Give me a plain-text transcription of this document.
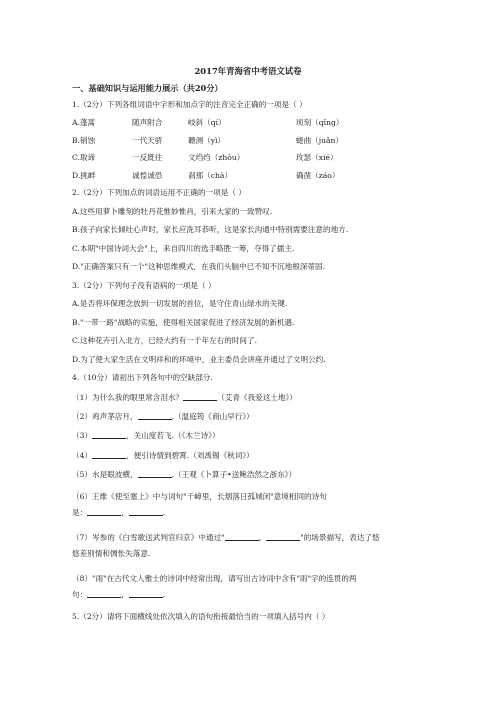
2017年青海省中考语文试卷
一、基础知识与运用能力展示（共20分）
1.（2分）下列各组词语中字形和加点字的注音完全正确的一项是（ ）
A.蓬蒿	随声附合	岐斜（qí）	顷刻（qǐng）
B.销蚀	一代天骄	聽测（yì）	蜷曲（juǎn）
C.取谛	一反既往	文绉绉（zhōu）	玫瑟（xié）
D.挑衅	诚惶诚恐	刹那（chà）	确凿（záo）
2.（2分）下列加点的词语运用不正确的一项是（ ）
A.这些用萝卜雕刻的牡丹花惟妙惟肖，引来大家的一致赞叹.
B.孩子向家长倾吐心声时，家长应洗耳恭听，这是家长沟通中特别需要注意的地方.
C.本期"中国诗词大会"上，来自四川的选手略胜一筹，夺得了擂主.
D."正确答案只有一个"这种思维模式，在我们头脑中已不知不沉地根深蒂固.
3.（2分）下列句子没有语病的一项是（ ）
A.是否将环保理念放到一切发展的首位，是守住青山绿水的关键.
B."一带一路"战略的实施，使得相关国家促进了经济发展的新机遇.
C.这种花卉引入北方，已经大约有一千年左右的时间了.
D.为了使大家生活在文明祥和的环境中，业主委员会讲座并通过了文明公约.
4.（10分）请初出下列各句中的空缺部分.
（1）为什么我的眼里常含泪水？	（艾青《我爱这土地》）
（2）鸡声茅店月，	.（温庭筠《商山早行》）
（3）	，关山度若飞.（《木兰诗》）
（4）	，便引诗情到碧霄.（刘禹锡《秋词》）
（5）水是眼波横，	.（王观《卜算子•送鲍浩然之浙东》）
（6）王维《使至塞上》中与词句"千嶂里，长烟落日孤城闭"意境相同的诗句
是：	，	.
（7）岑参的《白雪歌送武判官归京》中通过"	，	"的场景描写，表达了悠
悠差别情和惆怅失落意.
（8）"雨"在古代文人雅士的诗词中经常出现，请写出古诗词中含有"雨"字的连贯的两
句：	，	.
5.（2分）请将下面横线处依次填入的语句衔接最恰当的一项填入括号内（ ）
